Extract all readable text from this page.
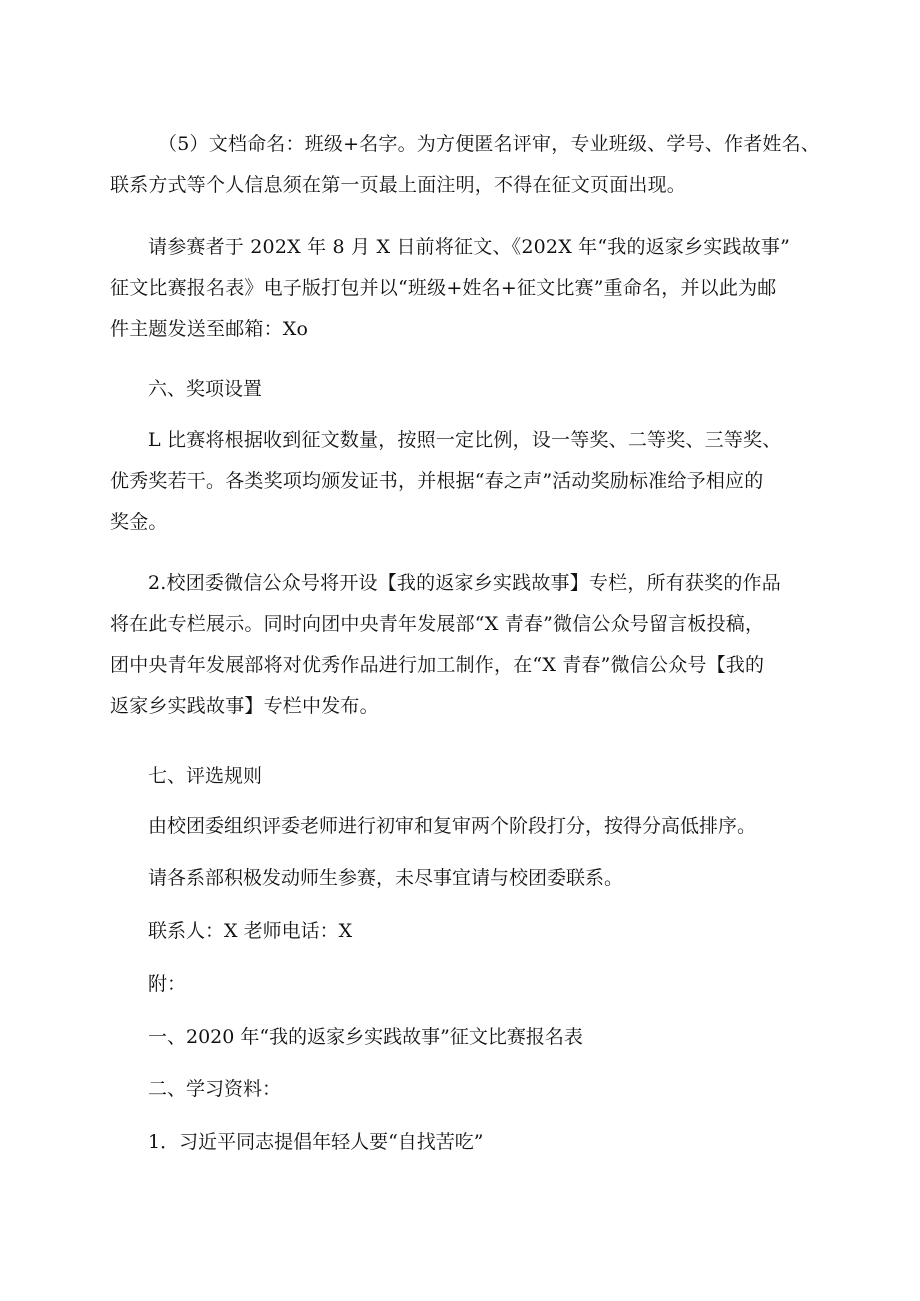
（5）文档命名：班级+名字。为方便匿名评审，专业班级、学号、作者姓名、
联系方式等个人信息须在第一页最上面注明，不得在征文页面出现。
请参赛者于 202X 年 8 月 X 日前将征文、《202X 年“我的返家乡实践故事”
征文比赛报名表》电子版打包并以“班级+姓名+征文比赛”重命名，并以此为邮
件主题发送至邮箱：Xo
六、奖项设置
L 比赛将根据收到征文数量，按照一定比例，设一等奖、二等奖、三等奖、
优秀奖若干。各类奖项均颁发证书，并根据“春之声”活动奖励标准给予相应的
奖金。
2.校团委微信公众号将开设【我的返家乡实践故事】专栏，所有获奖的作品
将在此专栏展示。同时向团中央青年发展部“X 青春”微信公众号留言板投稿，
团中央青年发展部将对优秀作品进行加工制作，在“X 青春”微信公众号【我的
返家乡实践故事】专栏中发布。
七、评选规则
由校团委组织评委老师进行初审和复审两个阶段打分，按得分高低排序。
请各系部积极发动师生参赛，未尽事宜请与校团委联系。
联系人：X 老师电话：X
附：
一、2020 年“我的返家乡实践故事”征文比赛报名表
二、学习资料：
1．习近平同志提倡年轻人要“自找苦吃”
